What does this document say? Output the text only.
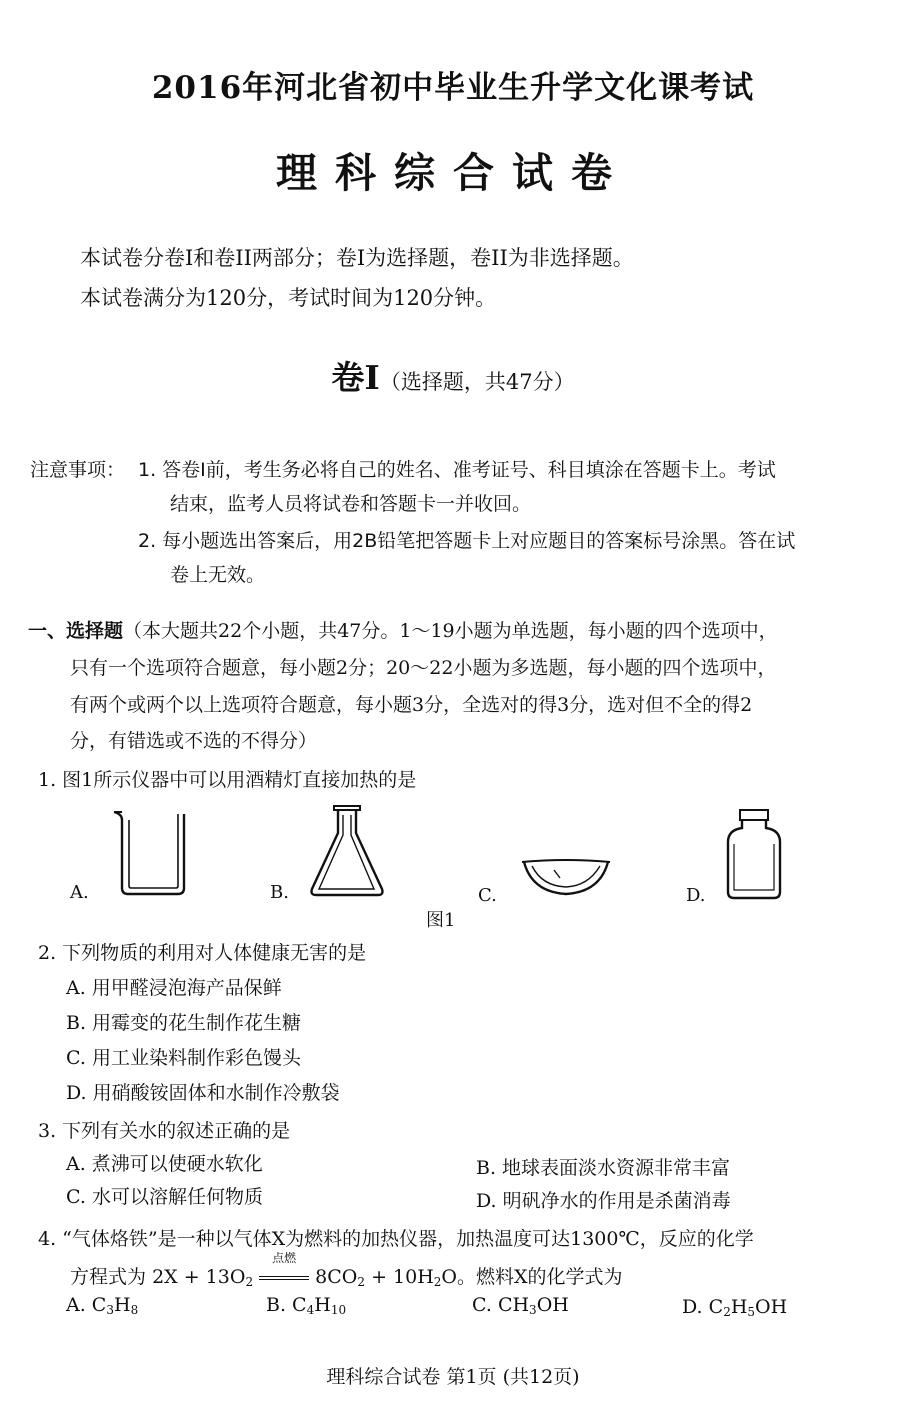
2016年河北省初中毕业生升学文化课考试
理科综合试卷
本试卷分卷I和卷II两部分；卷I为选择题，卷II为非选择题。
本试卷满分为120分，考试时间为120分钟。
卷I（选择题，共47分）
注意事项： 1. 答卷I前，考生务必将自己的姓名、准考证号、科目填涂在答题卡上。考试
结束，监考人员将试卷和答题卡一并收回。
2. 每小题选出答案后，用2B铅笔把答题卡上对应题目的答案标号涂黑。答在试
卷上无效。
一、选择题（本大题共22个小题，共47分。1～19小题为单选题，每小题的四个选项中，
只有一个选项符合题意，每小题2分；20～22小题为多选题，每小题的四个选项中，
有两个或两个以上选项符合题意，每小题3分，全选对的得3分，选对但不全的得2
分，有错选或不选的不得分）
1. 图1所示仪器中可以用酒精灯直接加热的是
A.	B.	C.	D.
图1
2. 下列物质的利用对人体健康无害的是
A. 用甲醛浸泡海产品保鲜
B. 用霉变的花生制作花生糖
C. 用工业染料制作彩色馒头
D. 用硝酸铵固体和水制作冷敷袋
3. 下列有关水的叙述正确的是
A. 煮沸可以使硬水软化	B. 地球表面淡水资源非常丰富
C. 水可以溶解任何物质	D. 明矾净水的作用是杀菌消毒
4. “气体烙铁”是一种以气体X为燃料的加热仪器，加热温度可达1300℃，反应的化学
方程式为 $2X + 13O_2$
点燃
$8CO_2 + 10H_2O$。燃料X的化学式为
A. $C_3H_8$	B. $C_4H_{10}$	C. $CH_3OH$	D. $C_2H_5OH$
理科综合试卷 第1页 (共12页)
